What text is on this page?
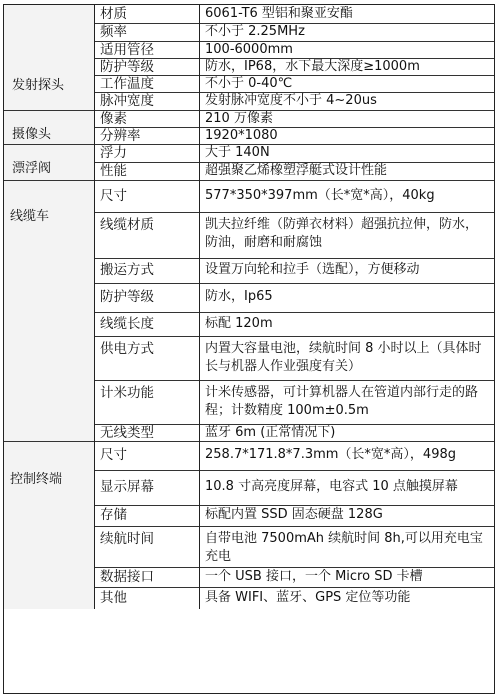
发射探头
材质	6061-T6 型铝和聚亚安酯
频率	不小于 2.25MHz
适用管径	100-6000mm
防护等级	防水，IP68，水下最大深度≥1000m
工作温度	不小于 0-40℃
脉冲宽度	发射脉冲宽度不小于 4~20us
摄像头
像素	210 万像素
分辨率	1920*1080
漂浮阀
浮力	大于 140N
性能	超强聚乙烯橡塑浮艇式设计性能
线缆车
尺寸	577*350*397mm（长*宽*高），40kg
线缆材质	凯夫拉纤维（防弹衣材料）超强抗拉伸，防水，防油，耐磨和耐腐蚀
搬运方式	设置万向轮和拉手（选配），方便移动
防护等级	防水，Ip65
线缆长度	标配 120m
供电方式	内置大容量电池，续航时间 8 小时以上（具体时长与机器人作业强度有关）
计米功能	计米传感器，可计算机器人在管道内部行走的路程；计数精度 100m±0.5m
无线类型	蓝牙 6m (正常情况下)
控制终端
尺寸	258.7*171.8*7.3mm（长*宽*高），498g
显示屏幕	10.8 寸高亮度屏幕，电容式 10 点触摸屏幕
存储	标配内置 SSD 固态硬盘 128G
续航时间	自带电池 7500mAh 续航时间 8h,可以用充电宝充电
数据接口	一个 USB 接口，一个 Micro SD 卡槽
其他	具备 WIFI、蓝牙、GPS 定位等功能
